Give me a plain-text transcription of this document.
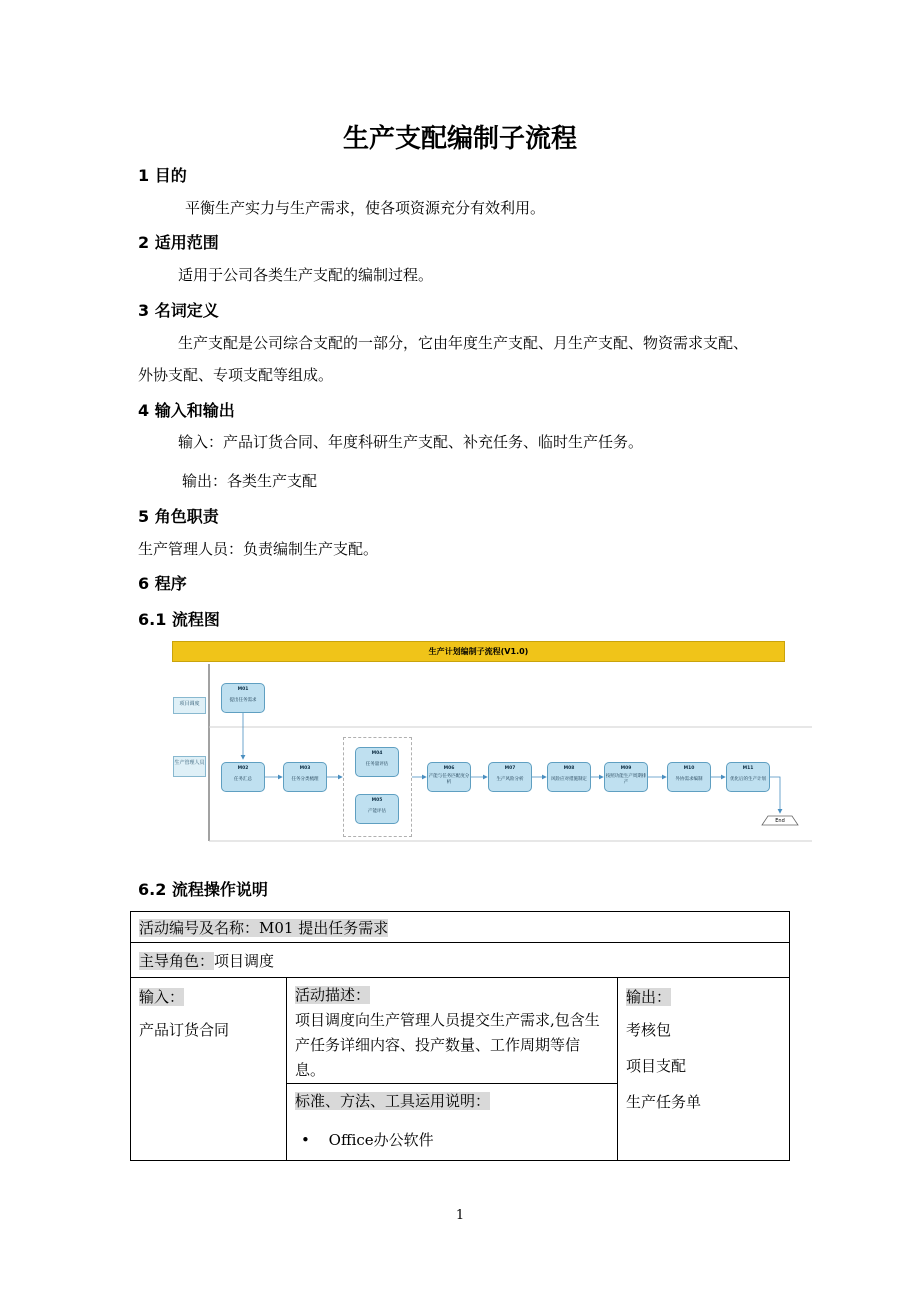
生产支配编制子流程
1 目的
平衡生产实力与生产需求，使各项资源充分有效利用。
2 适用范围
适用于公司各类生产支配的编制过程。
3 名词定义
生产支配是公司综合支配的一部分，它由年度生产支配、月生产支配、物资需求支配、
外协支配、专项支配等组成。
4 输入和输出
输入：产品订货合同、年度科研生产支配、补充任务、临时生产任务。
输出：各类生产支配
5 角色职责
生产管理人员：负责编制生产支配。
6 程序
6.1 流程图
生产计划编制子流程(V1.0)
项目调度
生产管理人员
M01
提出任务需求
M02
任务汇总
M03
任务分类梳理
M04
任务量评估
M05
产能评估
M06
产能与任务匹配度分析
M07
生产风险分析
M08
风险应对措施制定
M09
按照功能生产周期排产
M10
外协需求编制
M11
优化后的生产计划
End
6.2 流程操作说明
活动编号及名称：M01 提出任务需求
主导角色：项目调度

输入：
产品订货合同

活动描述：
项目调度向生产管理人员提交生产需求,包含生
产任务详细内容、投产数量、工作周期等信息。

输出：
考核包
项目支配
生产任务单

标准、方法、工具运用说明：
• Office办公软件
1
